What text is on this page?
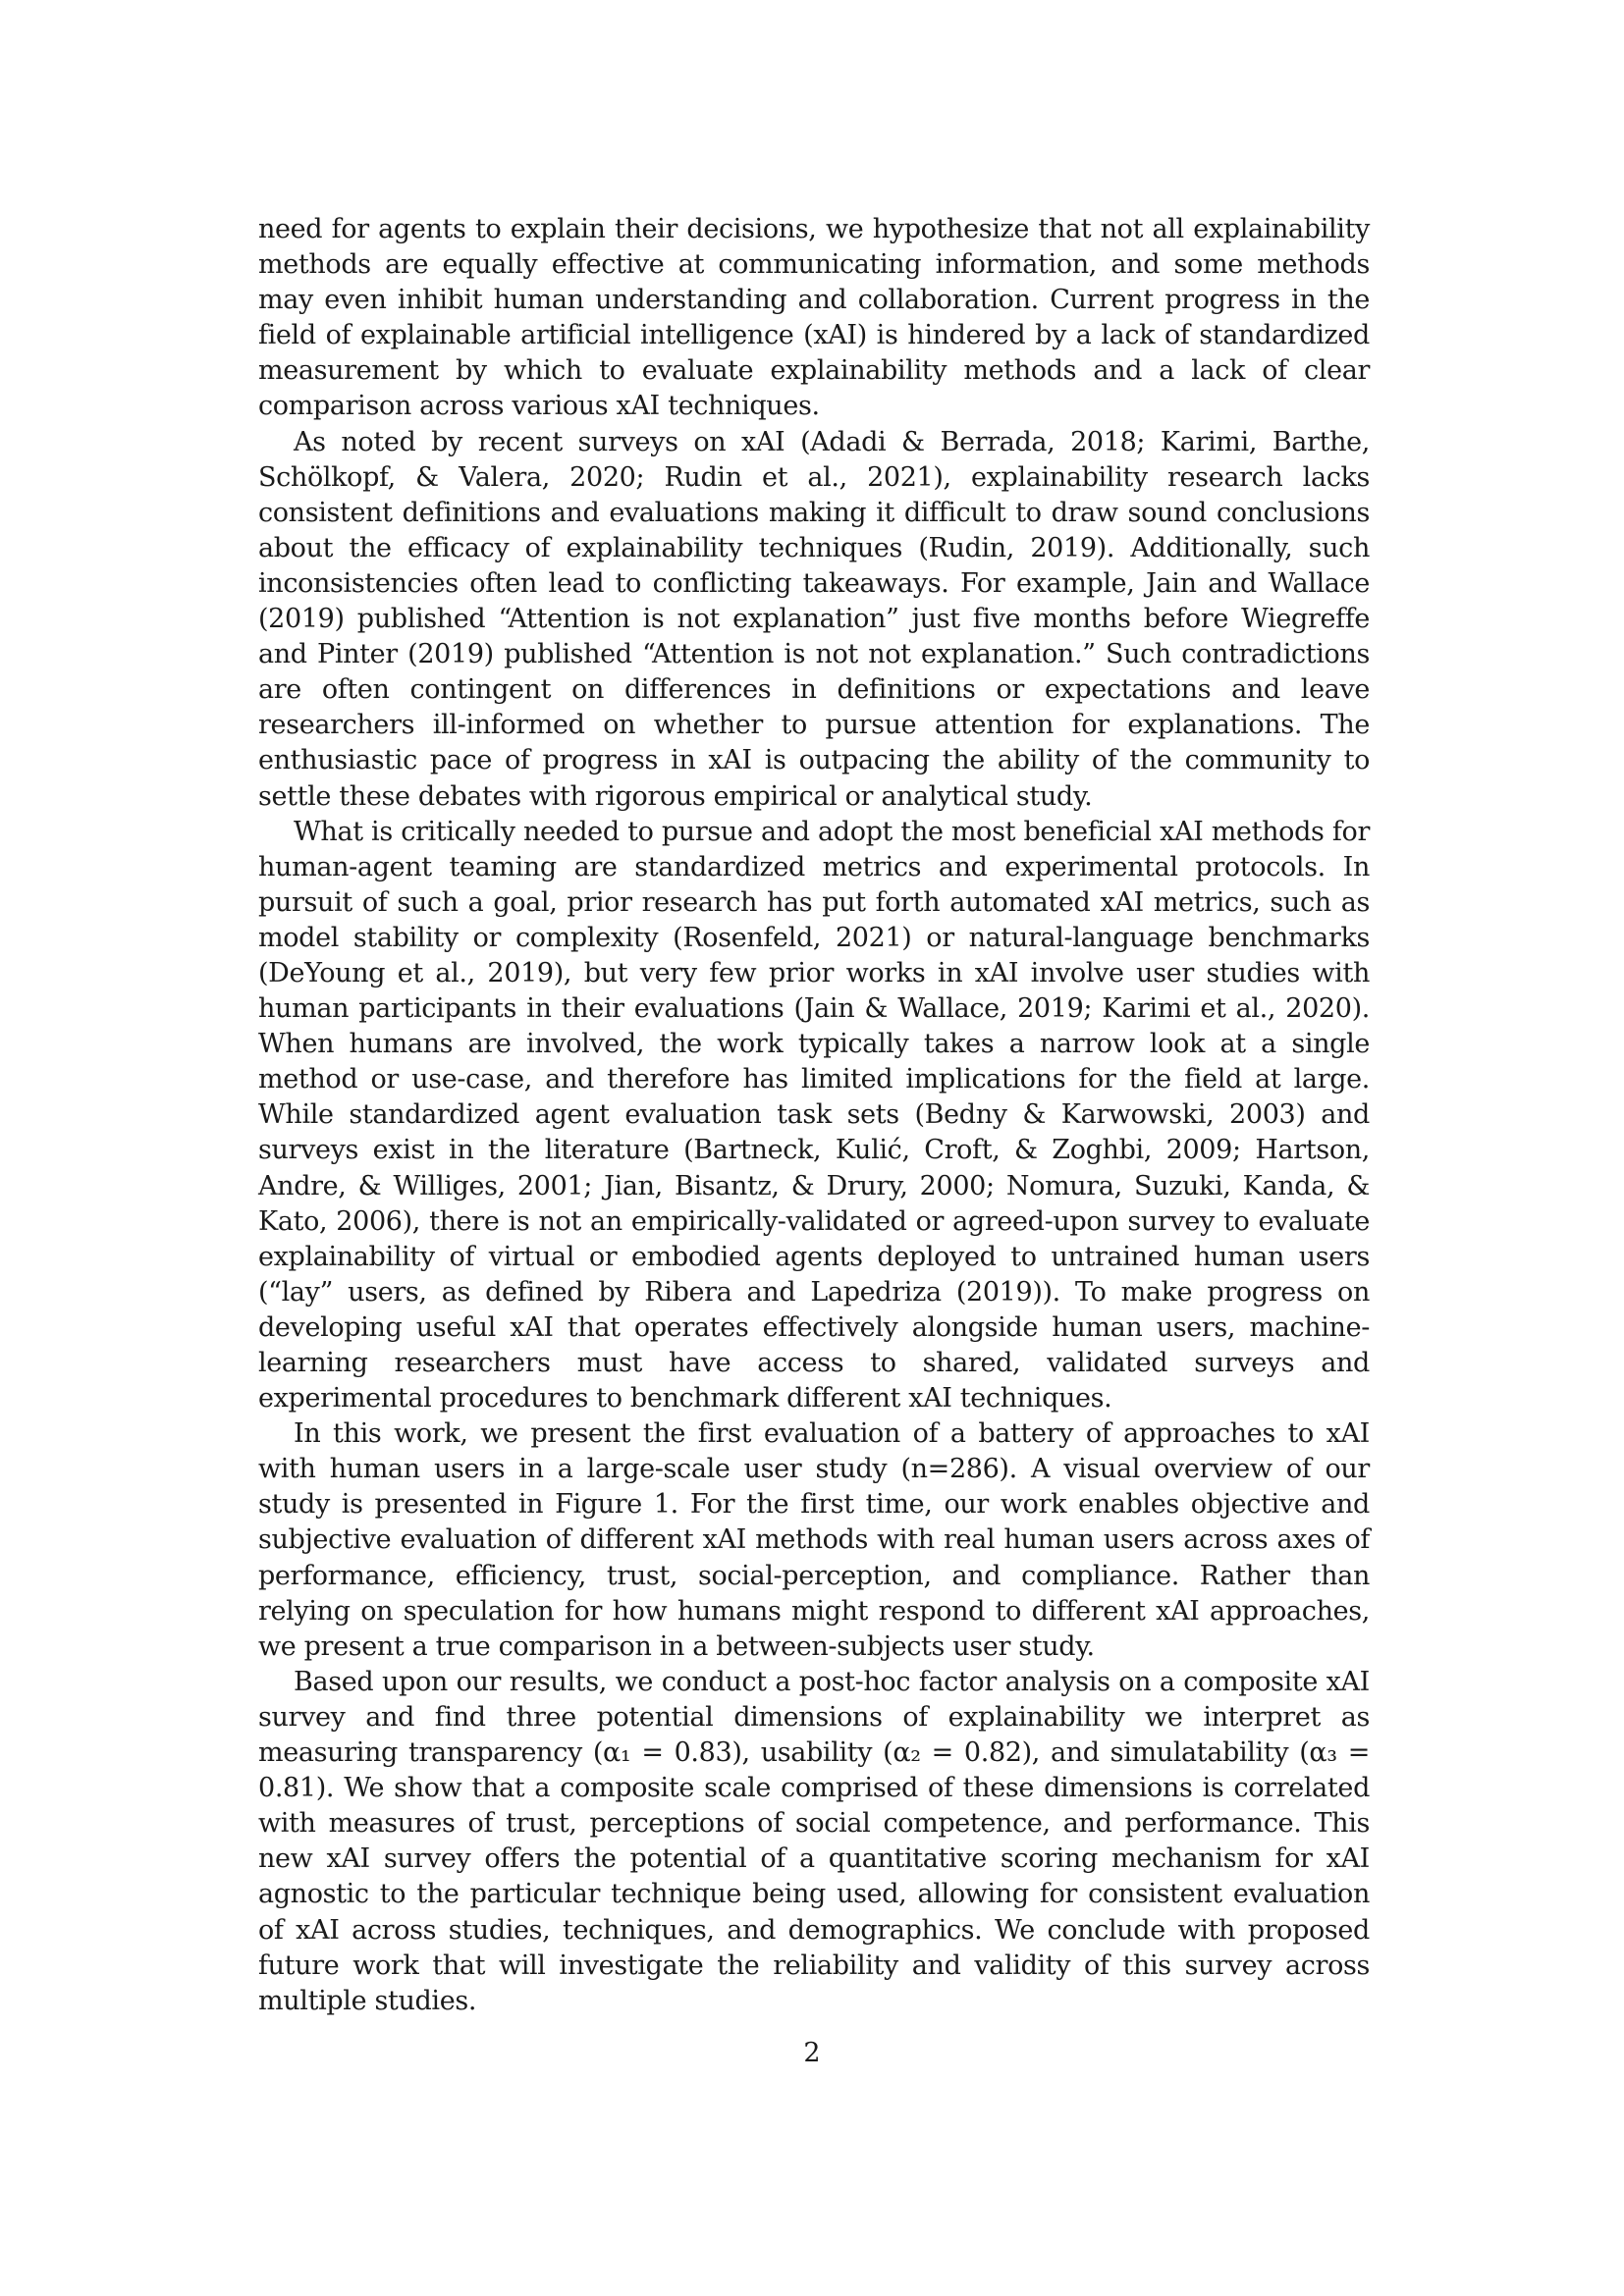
need for agents to explain their decisions, we hypothesize that not all explainability methods are equally effective at communicating information, and some methods may even inhibit human understanding and collaboration. Current progress in the field of explainable artificial intelligence (xAI) is hindered by a lack of standardized measurement by which to evaluate explainability methods and a lack of clear comparison across various xAI techniques.

As noted by recent surveys on xAI (Adadi & Berrada, 2018; Karimi, Barthe, Schölkopf, & Valera, 2020; Rudin et al., 2021), explainability research lacks consistent definitions and evaluations making it difficult to draw sound conclusions about the efficacy of explainability techniques (Rudin, 2019). Additionally, such inconsistencies often lead to conflicting takeaways. For example, Jain and Wallace (2019) published “Attention is not explanation” just five months before Wiegreffe and Pinter (2019) published “Attention is not not explanation.” Such contradictions are often contingent on differences in definitions or expectations and leave researchers ill-informed on whether to pursue attention for explanations. The enthusiastic pace of progress in xAI is outpacing the ability of the community to settle these debates with rigorous empirical or analytical study.

What is critically needed to pursue and adopt the most beneficial xAI methods for human-agent teaming are standardized metrics and experimental protocols. In pursuit of such a goal, prior research has put forth automated xAI metrics, such as model stability or complexity (Rosenfeld, 2021) or natural-language benchmarks (DeYoung et al., 2019), but very few prior works in xAI involve user studies with human participants in their evaluations (Jain & Wallace, 2019; Karimi et al., 2020). When humans are involved, the work typically takes a narrow look at a single method or use-case, and therefore has limited implications for the field at large. While standardized agent evaluation task sets (Bedny & Karwowski, 2003) and surveys exist in the literature (Bartneck, Kulić, Croft, & Zoghbi, 2009; Hartson, Andre, & Williges, 2001; Jian, Bisantz, & Drury, 2000; Nomura, Suzuki, Kanda, & Kato, 2006), there is not an empirically-validated or agreed-upon survey to evaluate explainability of virtual or embodied agents deployed to untrained human users (“lay” users, as defined by Ribera and Lapedriza (2019)). To make progress on developing useful xAI that operates effectively alongside human users, machine-learning researchers must have access to shared, validated surveys and experimental procedures to benchmark different xAI techniques.

In this work, we present the first evaluation of a battery of approaches to xAI with human users in a large-scale user study (n=286). A visual overview of our study is presented in Figure 1. For the first time, our work enables objective and subjective evaluation of different xAI methods with real human users across axes of performance, efficiency, trust, social-perception, and compliance. Rather than relying on speculation for how humans might respond to different xAI approaches, we present a true comparison in a between-subjects user study.

Based upon our results, we conduct a post-hoc factor analysis on a composite xAI survey and find three potential dimensions of explainability we interpret as measuring transparency (α₁ = 0.83), usability (α₂ = 0.82), and simulatability (α₃ = 0.81). We show that a composite scale comprised of these dimensions is correlated with measures of trust, perceptions of social competence, and performance. This new xAI survey offers the potential of a quantitative scoring mechanism for xAI agnostic to the particular technique being used, allowing for consistent evaluation of xAI across studies, techniques, and demographics. We conclude with proposed future work that will investigate the reliability and validity of this survey across multiple studies.

2
